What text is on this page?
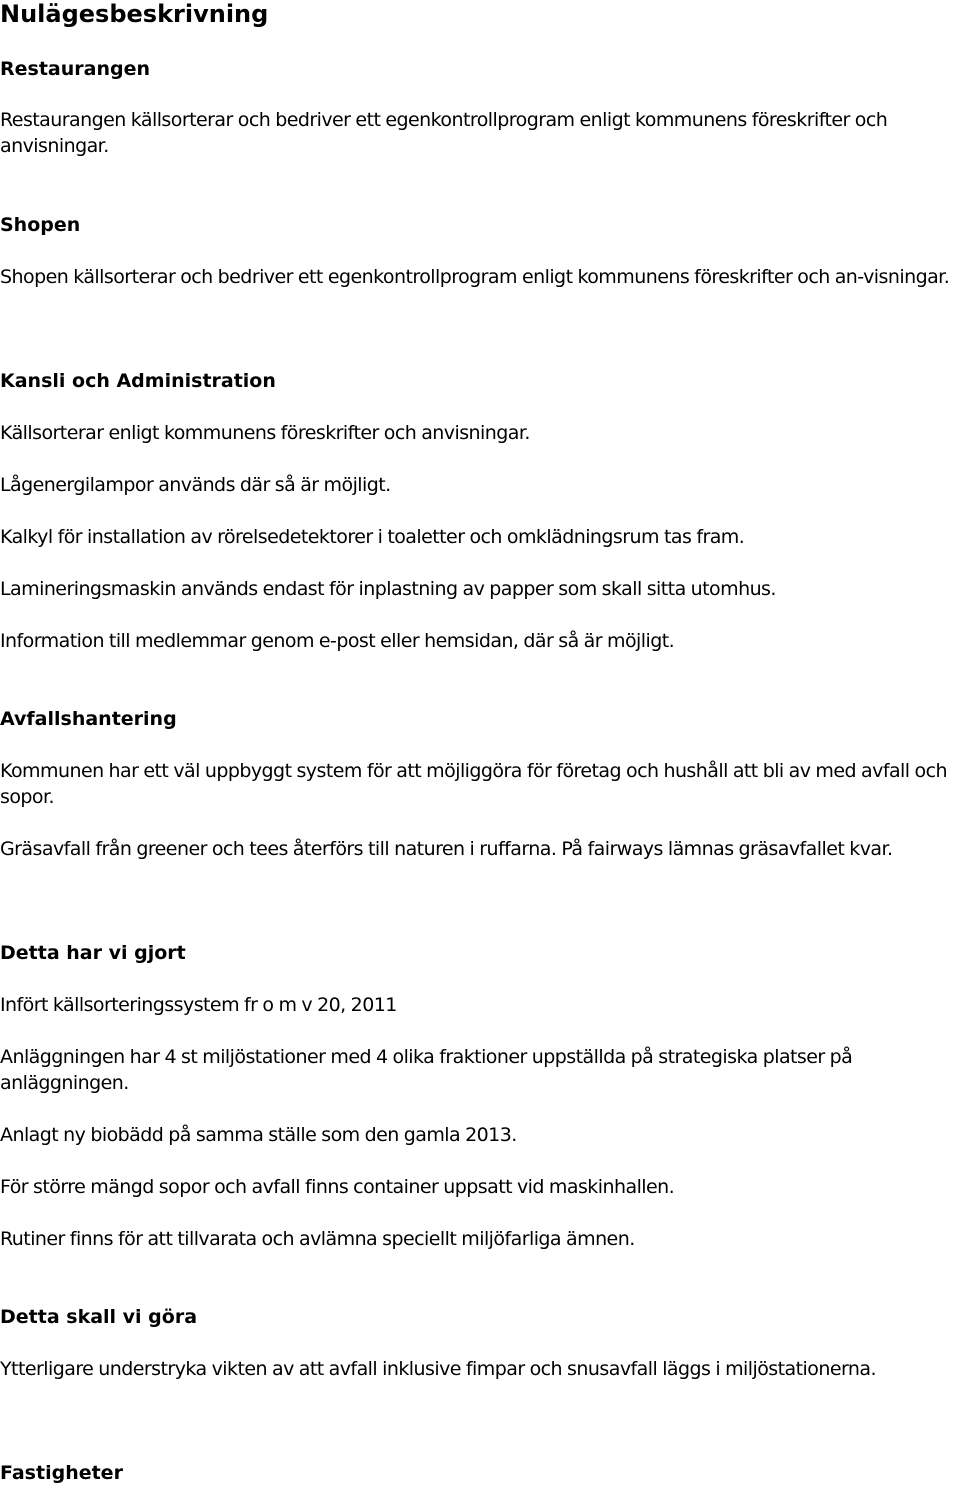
Nulägesbeskrivning
Restaurangen

Restaurangen källsorterar och bedriver ett egenkontrollprogram enligt kommunens föreskrifter och anvisningar.

Shopen

Shopen källsorterar och bedriver ett egenkontrollprogram enligt kommunens föreskrifter och an-visningar.

Kansli och Administration

Källsorterar enligt kommunens föreskrifter och anvisningar.

Lågenergilampor används där så är möjligt.

Kalkyl för installation av rörelsedetektorer i toaletter och omklädningsrum tas fram.

Lamineringsmaskin används endast för inplastning av papper som skall sitta utomhus.

Information till medlemmar genom e-post eller hemsidan, där så är möjligt.

Avfallshantering

Kommunen har ett väl uppbyggt system för att möjliggöra för företag och hushåll att bli av med avfall och sopor.

Gräsavfall från greener och tees återförs till naturen i ruffarna. På fairways lämnas gräsavfallet kvar.

Detta har vi gjort

Infört källsorteringssystem fr o m v 20, 2011

Anläggningen har 4 st miljöstationer med 4 olika fraktioner uppställda på strategiska platser på anläggningen.

Anlagt ny biobädd på samma ställe som den gamla 2013.

För större mängd sopor och avfall finns container uppsatt vid maskinhallen.

Rutiner finns för att tillvarata och avlämna speciellt miljöfarliga ämnen.

Detta skall vi göra

Ytterligare understryka vikten av att avfall inklusive fimpar och snusavfall läggs i miljöstationerna.

Fastigheter
